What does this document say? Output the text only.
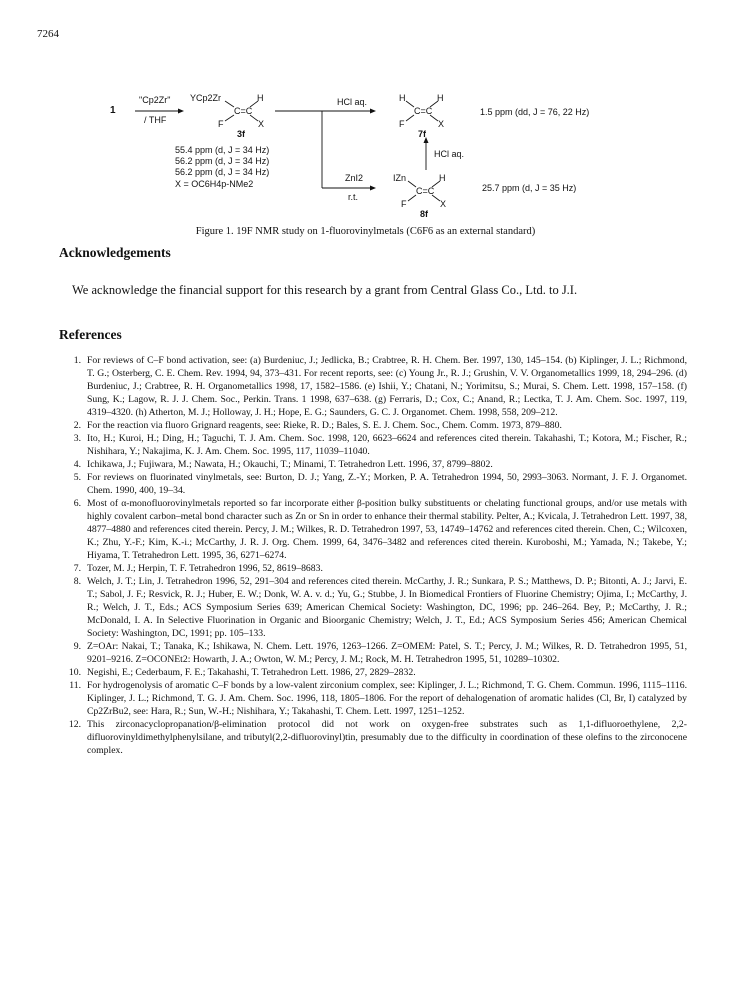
7264
1
"Cp2Zr"
/ THF
YCp2Zr	H
C=C
F	X
3f
55.4 ppm (d, J = 34 Hz)
56.2 ppm (d, J = 34 Hz)
56.2 ppm (d, J = 34 Hz)
X = OC6H4p-NMe2
HCl aq.	H	H
C=C
F	X
7f
1.5 ppm (dd, J = 76, 22 Hz)
HCl aq.
ZnI2
r.t.
IZn	H
C=C
F	X
8f
25.7 ppm (d, J = 35 Hz)
Figure 1. 19F NMR study on 1-fluorovinylmetals (C6F6 as an external standard)
Acknowledgements
We acknowledge the financial support for this research by a grant from Central Glass Co., Ltd. to J.I.
References
1. For reviews of C–F bond activation, see: (a) Burdeniuc, J.; Jedlicka, B.; Crabtree, R. H. Chem. Ber. 1997, 130, 145–154. (b) Kiplinger, J. L.; Richmond, T. G.; Osterberg, C. E. Chem. Rev. 1994, 94, 373–431. For recent reports, see: (c) Young Jr., R. J.; Grushin, V. V. Organometallics 1999, 18, 294–296. (d) Burdeniuc, J.; Crabtree, R. H. Organometallics 1998, 17, 1582–1586. (e) Ishii, Y.; Chatani, N.; Yorimitsu, S.; Murai, S. Chem. Lett. 1998, 157–158. (f) Sung, K.; Lagow, R. J. J. Chem. Soc., Perkin. Trans. 1 1998, 637–638. (g) Ferraris, D.; Cox, C.; Anand, R.; Lectka, T. J. Am. Chem. Soc. 1997, 119, 4319–4320. (h) Atherton, M. J.; Holloway, J. H.; Hope, E. G.; Saunders, G. C. J. Organomet. Chem. 1998, 558, 209–212.
2. For the reaction via fluoro Grignard reagents, see: Rieke, R. D.; Bales, S. E. J. Chem. Soc., Chem. Comm. 1973, 879–880.
3. Ito, H.; Kuroi, H.; Ding, H.; Taguchi, T. J. Am. Chem. Soc. 1998, 120, 6623–6624 and references cited therein. Takahashi, T.; Kotora, M.; Fischer, R.; Nishihara, Y.; Nakajima, K. J. Am. Chem. Soc. 1995, 117, 11039–11040.
4. Ichikawa, J.; Fujiwara, M.; Nawata, H.; Okauchi, T.; Minami, T. Tetrahedron Lett. 1996, 37, 8799–8802.
5. For reviews on fluorinated vinylmetals, see: Burton, D. J.; Yang, Z.-Y.; Morken, P. A. Tetrahedron 1994, 50, 2993–3063. Normant, J. F. J. Organomet. Chem. 1990, 400, 19–34.
6. Most of α-monofluorovinylmetals reported so far incorporate either β-position bulky substituents or chelating functional groups, and/or use metals with highly covalent carbon–metal bond character such as Zn or Sn in order to enhance their thermal stability. Pelter, A.; Kvicala, J. Tetrahedron Lett. 1997, 38, 4877–4880 and references cited therein. Percy, J. M.; Wilkes, R. D. Tetrahedron 1997, 53, 14749–14762 and references cited therein. Chen, C.; Wilcoxen, K.; Zhu, Y.-F.; Kim, K.-i.; McCarthy, J. R. J. Org. Chem. 1999, 64, 3476–3482 and references cited therein. Kuroboshi, M.; Yamada, N.; Takebe, Y.; Hiyama, T. Tetrahedron Lett. 1995, 36, 6271–6274.
7. Tozer, M. J.; Herpin, T. F. Tetrahedron 1996, 52, 8619–8683.
8. Welch, J. T.; Lin, J. Tetrahedron 1996, 52, 291–304 and references cited therein. McCarthy, J. R.; Sunkara, P. S.; Matthews, D. P.; Bitonti, A. J.; Jarvi, E. T.; Sabol, J. F.; Resvick, R. J.; Huber, E. W.; Donk, W. A. v. d.; Yu, G.; Stubbe, J. In Biomedical Frontiers of Fluorine Chemistry; Ojima, I.; McCarthy, J. R.; Welch, J. T., Eds.; ACS Symposium Series 639; American Chemical Society: Washington, DC, 1996; pp. 246–264. Bey, P.; McCarthy, J. R.; McDonald, I. A. In Selective Fluorination in Organic and Bioorganic Chemistry; Welch, J. T., Ed.; ACS Symposium Series 456; American Chemical Society: Washington, DC, 1991; pp. 105–133.
9. Z=OAr: Nakai, T.; Tanaka, K.; Ishikawa, N. Chem. Lett. 1976, 1263–1266. Z=OMEM: Patel, S. T.; Percy, J. M.; Wilkes, R. D. Tetrahedron 1995, 51, 9201–9216. Z=OCONEt2: Howarth, J. A.; Owton, W. M.; Percy, J. M.; Rock, M. H. Tetrahedron 1995, 51, 10289–10302.
10. Negishi, E.; Cederbaum, F. E.; Takahashi, T. Tetrahedron Lett. 1986, 27, 2829–2832.
11. For hydrogenolysis of aromatic C–F bonds by a low-valent zirconium complex, see: Kiplinger, J. L.; Richmond, T. G. Chem. Commun. 1996, 1115–1116. Kiplinger, J. L.; Richmond, T. G. J. Am. Chem. Soc. 1996, 118, 1805–1806. For the report of dehalogenation of aromatic halides (Cl, Br, I) catalyzed by Cp2ZrBu2, see: Hara, R.; Sun, W.-H.; Nishihara, Y.; Takahashi, T. Chem. Lett. 1997, 1251–1252.
12. This zirconacyclopropanation/β-elimination protocol did not work on oxygen-free substrates such as 1,1-difluoroethylene, 2,2-difluorovinyldimethylphenylsilane, and tributyl(2,2-difluorovinyl)tin, presumably due to the difficulty in coordination of these olefins to the zirconocene complex.
